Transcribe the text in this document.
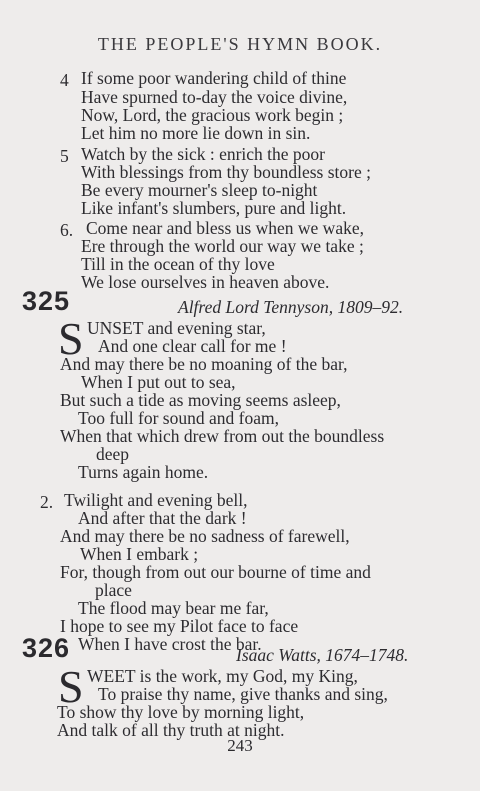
THE PEOPLE'S HYMN BOOK.
4 If some poor wandering child of thine
Have spurned to-day the voice divine,
Now, Lord, the gracious work begin ;
Let him no more lie down in sin.
5 Watch by the sick : enrich the poor
With blessings from thy boundless store ;
Be every mourner's sleep to-night
Like infant's slumbers, pure and light.
6. Come near and bless us when we wake,
Ere through the world our way we take ;
Till in the ocean of thy love
We lose ourselves in heaven above.
325	Alfred Lord Tennyson, 1809–92.
S UNSET and evening star,
And one clear call for me !
And may there be no moaning of the bar,
When I put out to sea,
But such a tide as moving seems asleep,
Too full for sound and foam,
When that which drew from out the boundless
deep
Turns again home.
2. Twilight and evening bell,
And after that the dark !
And may there be no sadness of farewell,
When I embark ;
For, though from out our bourne of time and
place
The flood may bear me far,
I hope to see my Pilot face to face
When I have crost the bar.
326	Isaac Watts, 1674–1748.
S WEET is the work, my God, my King,
To praise thy name, give thanks and sing,
To show thy love by morning light,
And talk of all thy truth at night.
243
